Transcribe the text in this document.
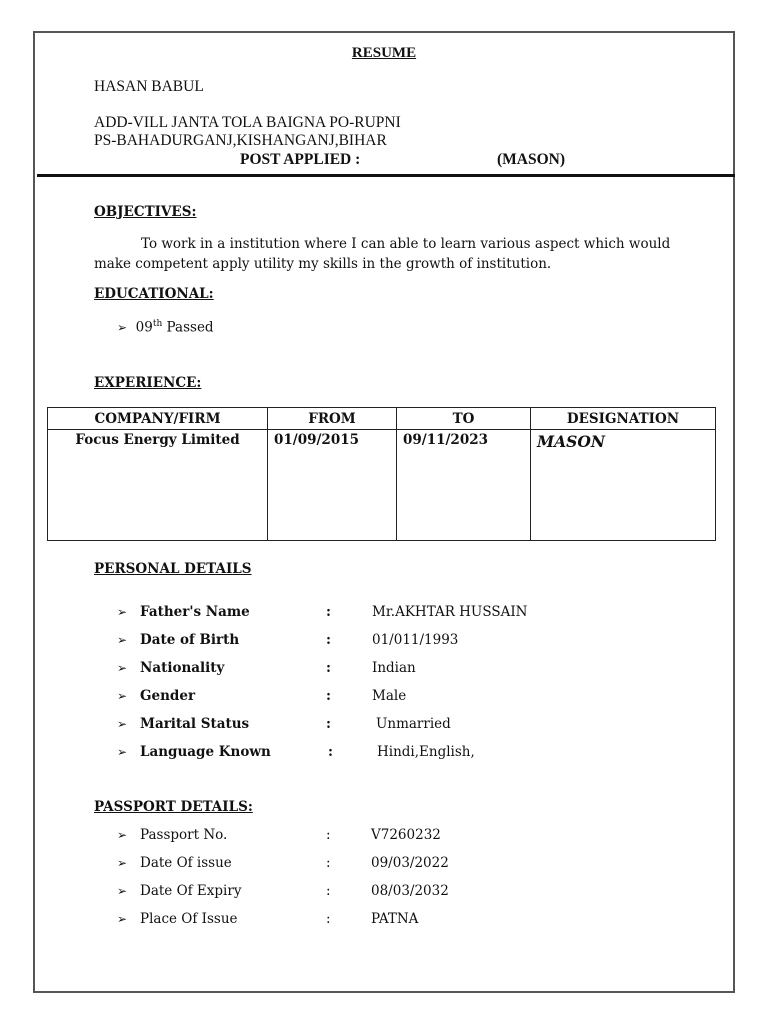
RESUME
HASAN BABUL
ADD-VILL JANTA TOLA BAIGNA PO-RUPNI
PS-BAHADURGANJ,KISHANGANJ,BIHAR
POST APPLIED :	(MASON)
OBJECTIVES:
To work in a institution where I can able to learn various aspect which would
make competent apply utility my skills in the growth of institution.
EDUCATIONAL:
➢ 09th Passed
EXPERIENCE:
COMPANY/FIRM	FROM	TO	DESIGNATION
Focus Energy Limited	01/09/2015	09/11/2023	MASON
PERSONAL DETAILS
➢ Father's Name	:	Mr.AKHTAR HUSSAIN
➢ Date of Birth	:	01/011/1993
➢ Nationality	:	Indian
➢ Gender	:	Male
➢ Marital Status	:	Unmarried
➢ Language Known	:	Hindi,English,
PASSPORT DETAILS:
➢ Passport No.	:	V7260232
➢ Date Of issue	:	09/03/2022
➢ Date Of Expiry	:	08/03/2032
➢ Place Of Issue	:	PATNA
